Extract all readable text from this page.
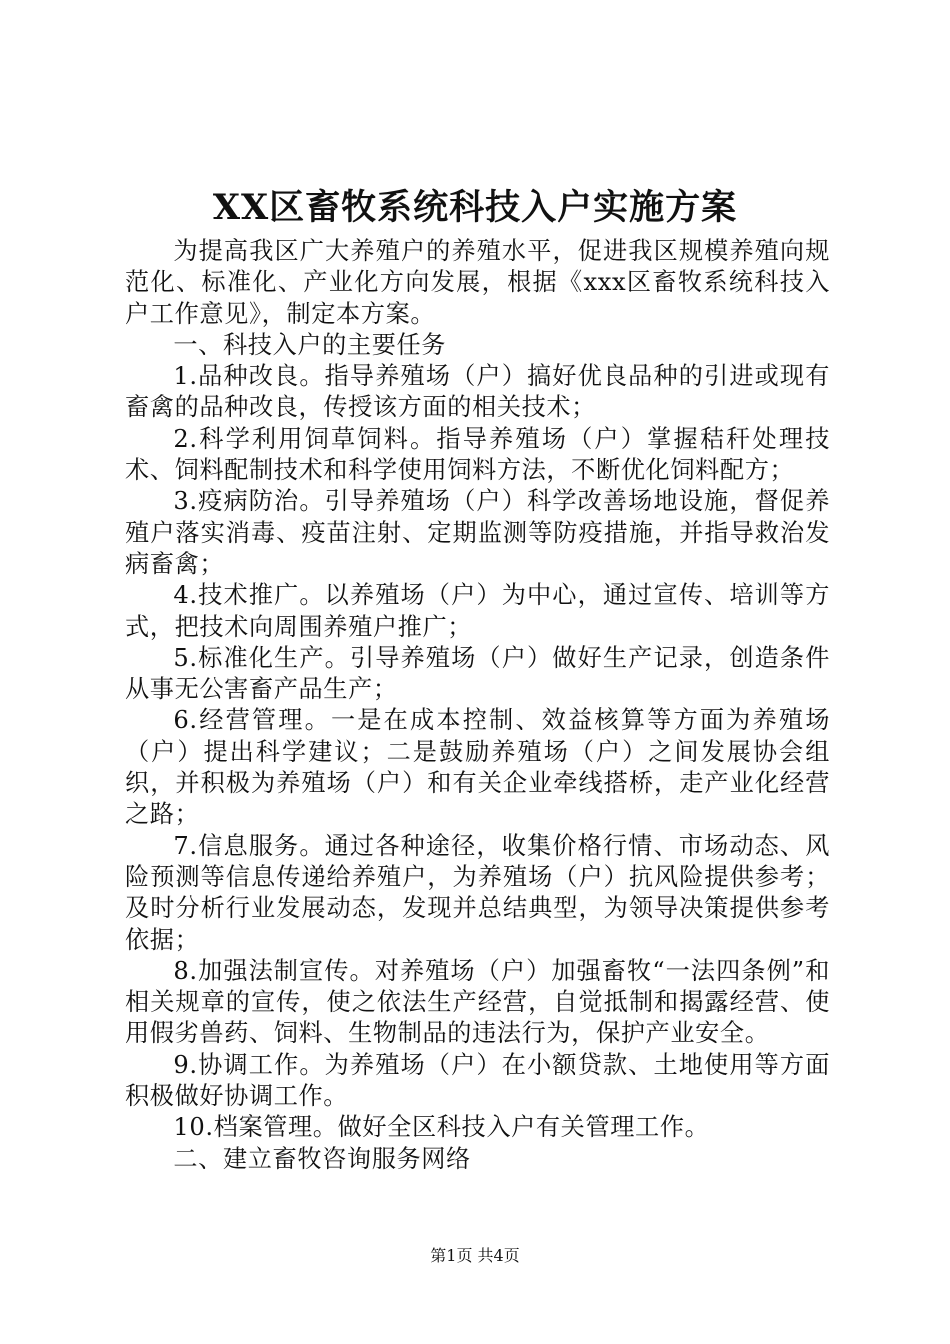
XX区畜牧系统科技入户实施方案

为提高我区广大养殖户的养殖水平，促进我区规模养殖向规范化、标准化、产业化方向发展，根据《xxx区畜牧系统科技入户工作意见》，制定本方案。

一、科技入户的主要任务

1.品种改良。指导养殖场（户）搞好优良品种的引进或现有畜禽的品种改良，传授该方面的相关技术；

2.科学利用饲草饲料。指导养殖场（户）掌握秸秆处理技术、饲料配制技术和科学使用饲料方法，不断优化饲料配方；

3.疫病防治。引导养殖场（户）科学改善场地设施，督促养殖户落实消毒、疫苗注射、定期监测等防疫措施，并指导救治发病畜禽；

4.技术推广。以养殖场（户）为中心，通过宣传、培训等方式，把技术向周围养殖户推广；

5.标准化生产。引导养殖场（户）做好生产记录，创造条件从事无公害畜产品生产；

6.经营管理。一是在成本控制、效益核算等方面为养殖场（户）提出科学建议；二是鼓励养殖场（户）之间发展协会组织，并积极为养殖场（户）和有关企业牵线搭桥，走产业化经营之路；

7.信息服务。通过各种途径，收集价格行情、市场动态、风险预测等信息传递给养殖户，为养殖场（户）抗风险提供参考；及时分析行业发展动态，发现并总结典型，为领导决策提供参考依据；

8.加强法制宣传。对养殖场（户）加强畜牧“一法四条例”和相关规章的宣传，使之依法生产经营，自觉抵制和揭露经营、使用假劣兽药、饲料、生物制品的违法行为，保护产业安全。

9.协调工作。为养殖场（户）在小额贷款、土地使用等方面积极做好协调工作。

10.档案管理。做好全区科技入户有关管理工作。

二、建立畜牧咨询服务网络

第1页 共4页
